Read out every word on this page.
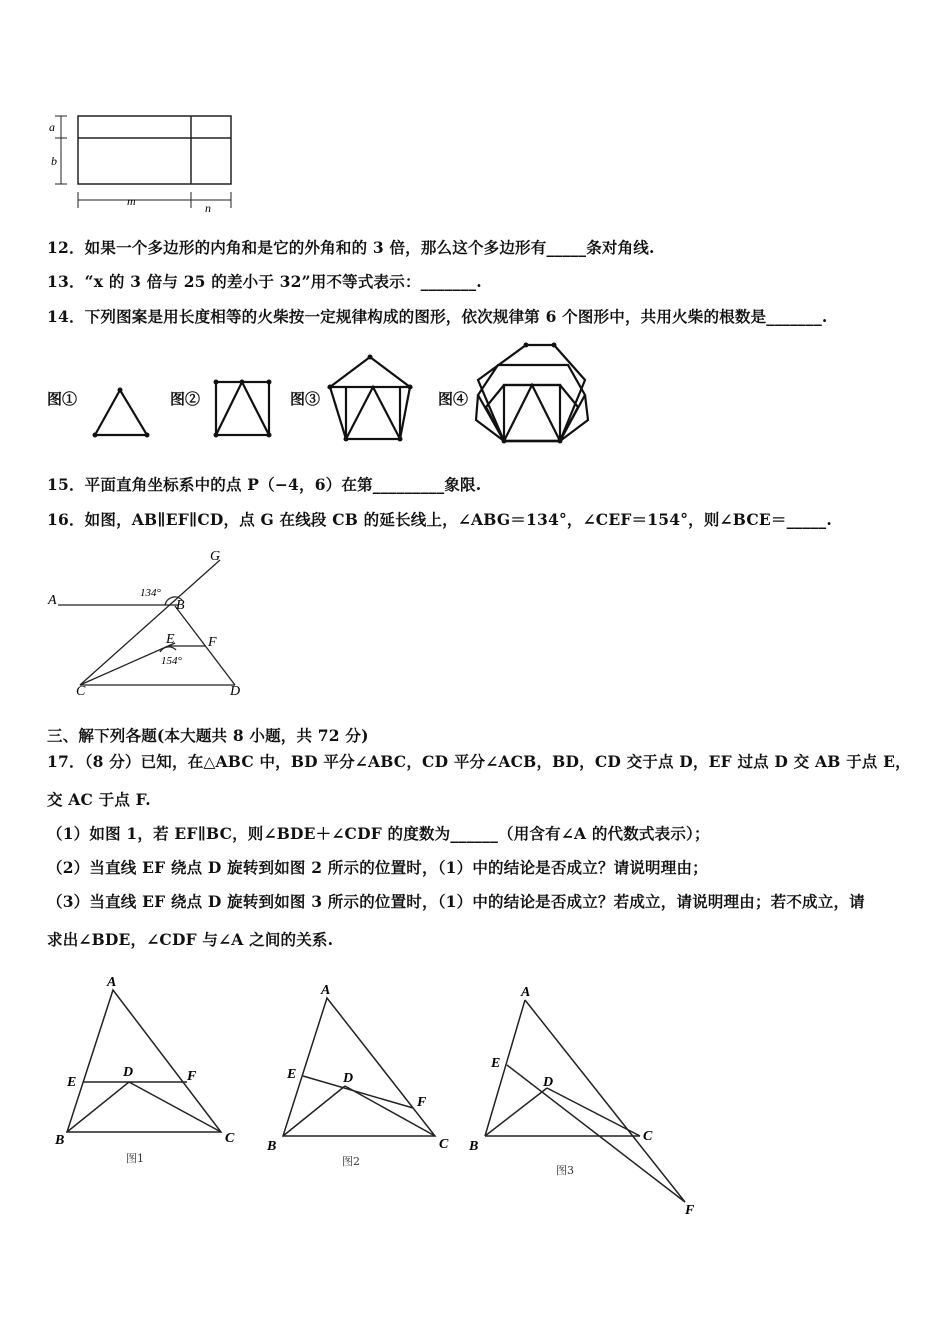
a
b
m	n
12．如果一个多边形的内角和是它的外角和的 3 倍，那么这个多边形有_____条对角线.
13．“x 的 3 倍与 25 的差小于 32”用不等式表示：_______.
14．下列图案是用长度相等的火柴按一定规律构成的图形，依次规律第 6 个图形中，共用火柴的根数是_______.
图①	图②	图③	图④
15．平面直角坐标系中的点 P（−4，6）在第_________象限.
16．如图，AB∥EF∥CD，点 G 在线段 CB 的延长线上，∠ABG＝134°，∠CEF＝154°，则∠BCE＝_____.
A	B
C	D
E F
G
134°
154°
三、解下列各题(本大题共 8 小题，共 72 分)
17．（8 分）已知，在△ABC 中，BD 平分∠ABC，CD 平分∠ACB，BD，CD 交于点 D，EF 过点 D 交 AB 于点 E，
交 AC 于点 F.
（1）如图 1，若 EF∥BC，则∠BDE＋∠CDF 的度数为______（用含有∠A 的代数式表示）；
（2）当直线 EF 绕点 D 旋转到如图 2 所示的位置时，（1）中的结论是否成立？请说明理由；
（3）当直线 EF 绕点 D 旋转到如图 3 所示的位置时，（1）中的结论是否成立？若成立，请说明理由；若不成立，请
求出∠BDE，∠CDF 与∠A 之间的关系.
A
B	C
D
E	F
A
B	C
D
E
F
A
B
C
D
E
F
图1	图2
图3
